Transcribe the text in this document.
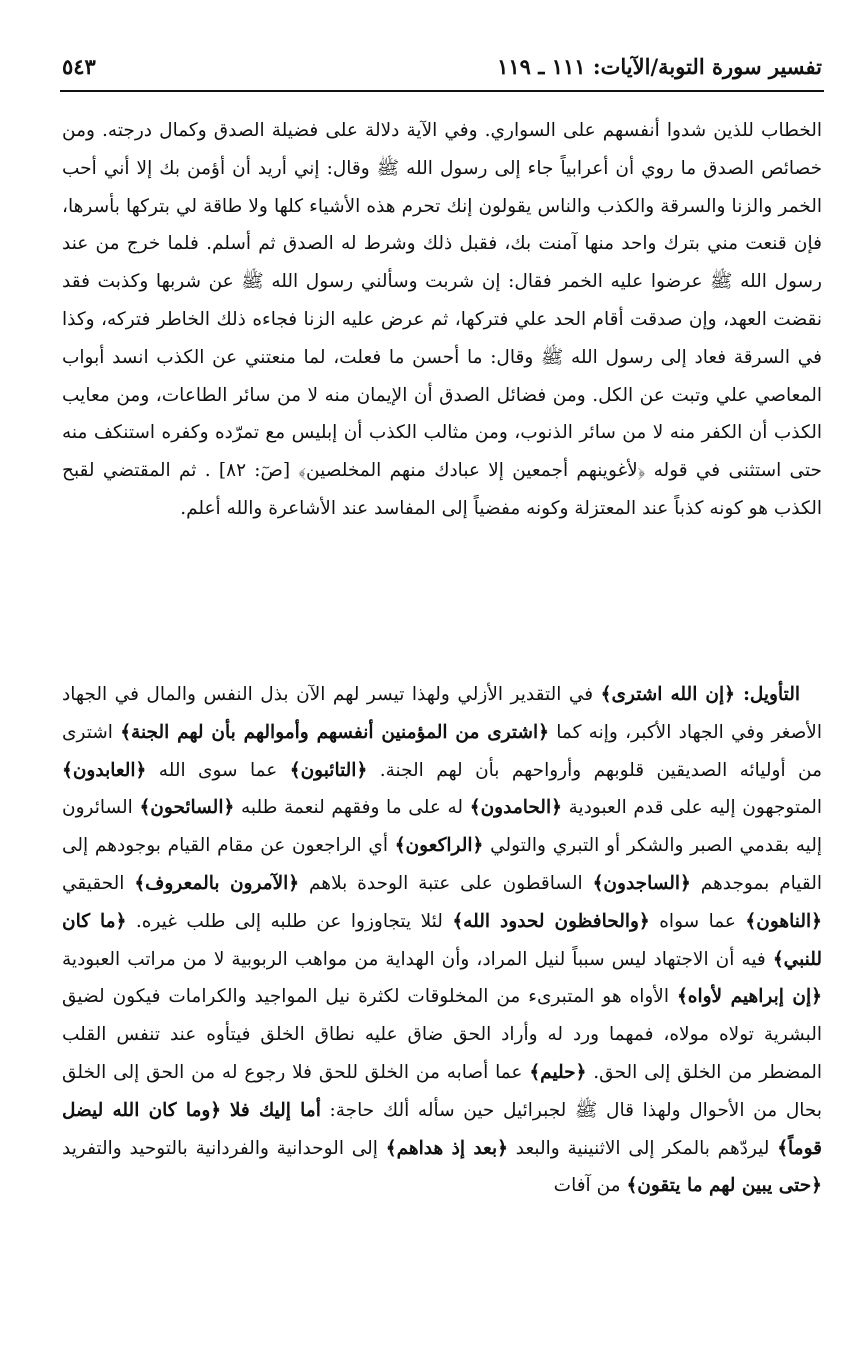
تفسير سورة التوبة/الآيات: ١١١ ـ ١١٩
٥٤٣

الخطاب للذين شدوا أنفسهم على السواري. وفي الآية دلالة على فضيلة الصدق وكمال درجته. ومن خصائص الصدق ما روي أن أعرابياً جاء إلى رسول الله ﷺ وقال: إني أريد أن أؤمن بك إلا أني أحب الخمر والزنا والسرقة والكذب والناس يقولون إنك تحرم هذه الأشياء كلها ولا طاقة لي بتركها بأسرها، فإن قنعت مني بترك واحد منها آمنت بك، فقبل ذلك وشرط له الصدق ثم أسلم. فلما خرج من عند رسول الله ﷺ عرضوا عليه الخمر فقال: إن شربت وسألني رسول الله ﷺ عن شربها وكذبت فقد نقضت العهد، وإن صدقت أقام الحد علي فتركها، ثم عرض عليه الزنا فجاءه ذلك الخاطر فتركه، وكذا في السرقة فعاد إلى رسول الله ﷺ وقال: ما أحسن ما فعلت، لما منعتني عن الكذب انسد أبواب المعاصي علي وتبت عن الكل. ومن فضائل الصدق أن الإيمان منه لا من سائر الطاعات، ومن معايب الكذب أن الكفر منه لا من سائر الذنوب، ومن مثالب الكذب أن إبليس مع تمرّده وكفره استنكف منه حتى استثنى في قوله ﴿لأغوينهم أجمعين إلا عبادك منهم المخلصين﴾ [صٓ: ٨٢] . ثم المقتضي لقبح الكذب هو كونه كذباً عند المعتزلة وكونه مفضياً إلى المفاسد عند الأشاعرة والله أعلم.

التأويل: ﴿إن الله اشترى﴾ في التقدير الأزلي ولهذا تيسر لهم الآن بذل النفس والمال في الجهاد الأصغر وفي الجهاد الأكبر، وإنه كما ﴿اشترى من المؤمنين أنفسهم وأموالهم بأن لهم الجنة﴾ اشترى من أوليائه الصديقين قلوبهم وأرواحهم بأن لهم الجنة. ﴿التائبون﴾ عما سوى الله ﴿العابدون﴾ المتوجهون إليه على قدم العبودية ﴿الحامدون﴾ له على ما وفقهم لنعمة طلبه ﴿السائحون﴾ السائرون إليه بقدمي الصبر والشكر أو التبري والتولي ﴿الراكعون﴾ أي الراجعون عن مقام القيام بوجودهم إلى القيام بموجدهم ﴿الساجدون﴾ الساقطون على عتبة الوحدة بلاهم ﴿الآمرون بالمعروف﴾ الحقيقي ﴿الناهون﴾ عما سواه ﴿والحافظون لحدود الله﴾ لئلا يتجاوزوا عن طلبه إلى طلب غيره. ﴿ما كان للنبي﴾ فيه أن الاجتهاد ليس سبباً لنيل المراد، وأن الهداية من مواهب الربوبية لا من مراتب العبودية ﴿إن إبراهيم لأواه﴾ الأواه هو المتبرىء من المخلوقات لكثرة نيل المواجيد والكرامات فيكون لضيق البشرية تولاه مولاه، فمهما ورد له وأراد الحق ضاق عليه نطاق الخلق فيتأوه عند تنفس القلب المضطر من الخلق إلى الحق. ﴿حليم﴾ عما أصابه من الخلق للحق فلا رجوع له من الحق إلى الخلق بحال من الأحوال ولهذا قال ﷺ لجبرائيل حين سأله ألك حاجة: أما إليك فلا ﴿وما كان الله ليضل قوماً﴾ ليردّهم بالمكر إلى الاثنينية والبعد ﴿بعد إذ هداهم﴾ إلى الوحدانية والفردانية بالتوحيد والتفريد ﴿حتى يبين لهم ما يتقون﴾ من آفات
